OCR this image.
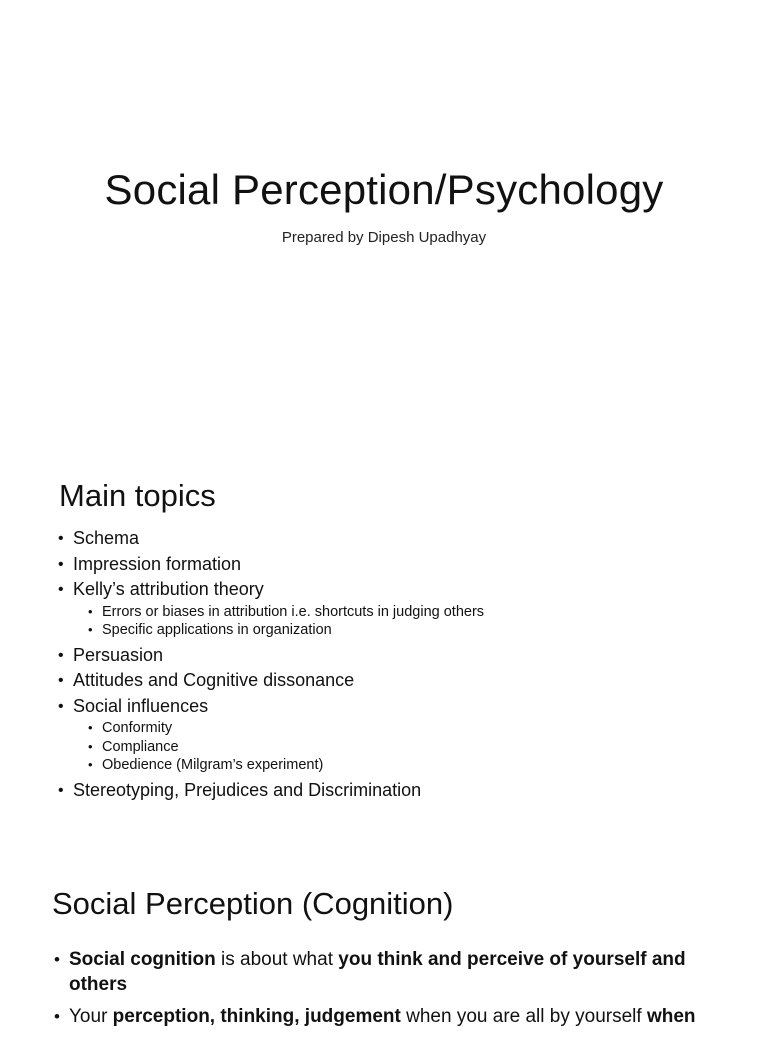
Social Perception/Psychology
Prepared by Dipesh Upadhyay
Main topics
• Schema
• Impression formation
• Kelly’s attribution theory
• Errors or biases in attribution i.e. shortcuts in judging others
• Specific applications in organization
• Persuasion
• Attitudes and Cognitive dissonance
• Social influences
• Conformity
• Compliance
• Obedience (Milgram’s experiment)
• Stereotyping, Prejudices and Discrimination
Social Perception (Cognition)
• Social cognition is about what you think and perceive of yourself and others
• Your perception, thinking, judgement when you are all by yourself when
